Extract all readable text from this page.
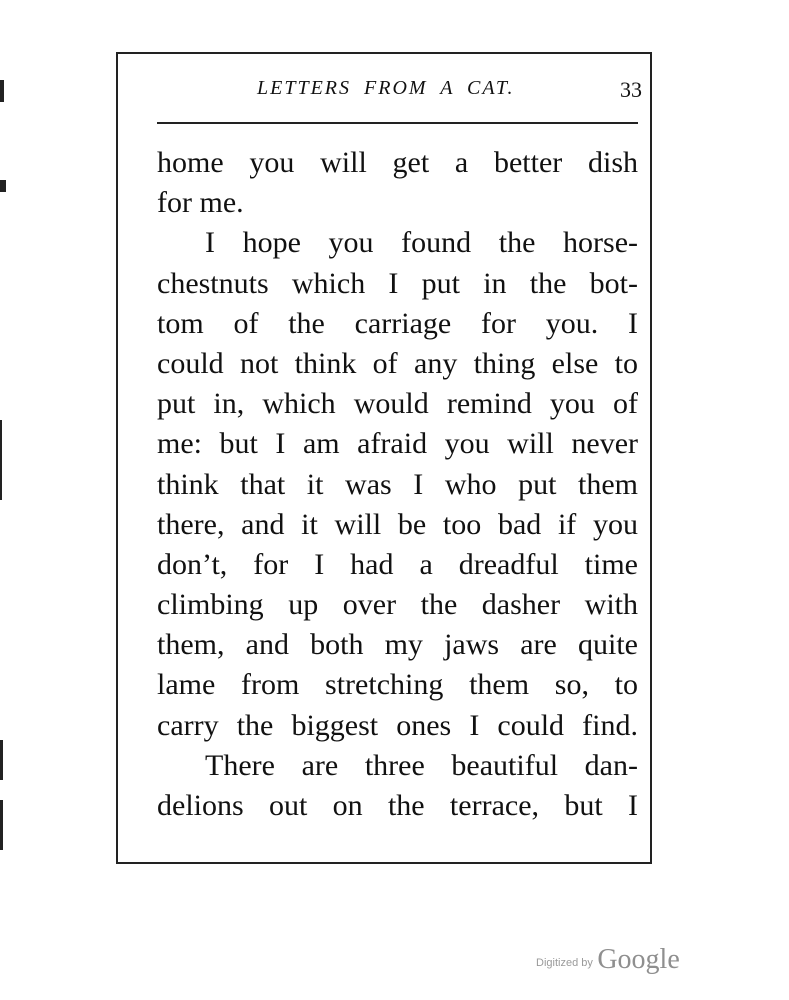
LETTERS FROM A CAT.	33
home you will get a better dish
for me.
I hope you found the horse-
chestnuts which I put in the bot-
tom of the carriage for you. I
could not think of any thing else to
put in, which would remind you of
me: but I am afraid you will never
think that it was I who put them
there, and it will be too bad if you
don’t, for I had a dreadful time
climbing up over the dasher with
them, and both my jaws are quite
lame from stretching them so, to
carry the biggest ones I could find.
There are three beautiful dan-
delions out on the terrace, but I
Digitized by Google
